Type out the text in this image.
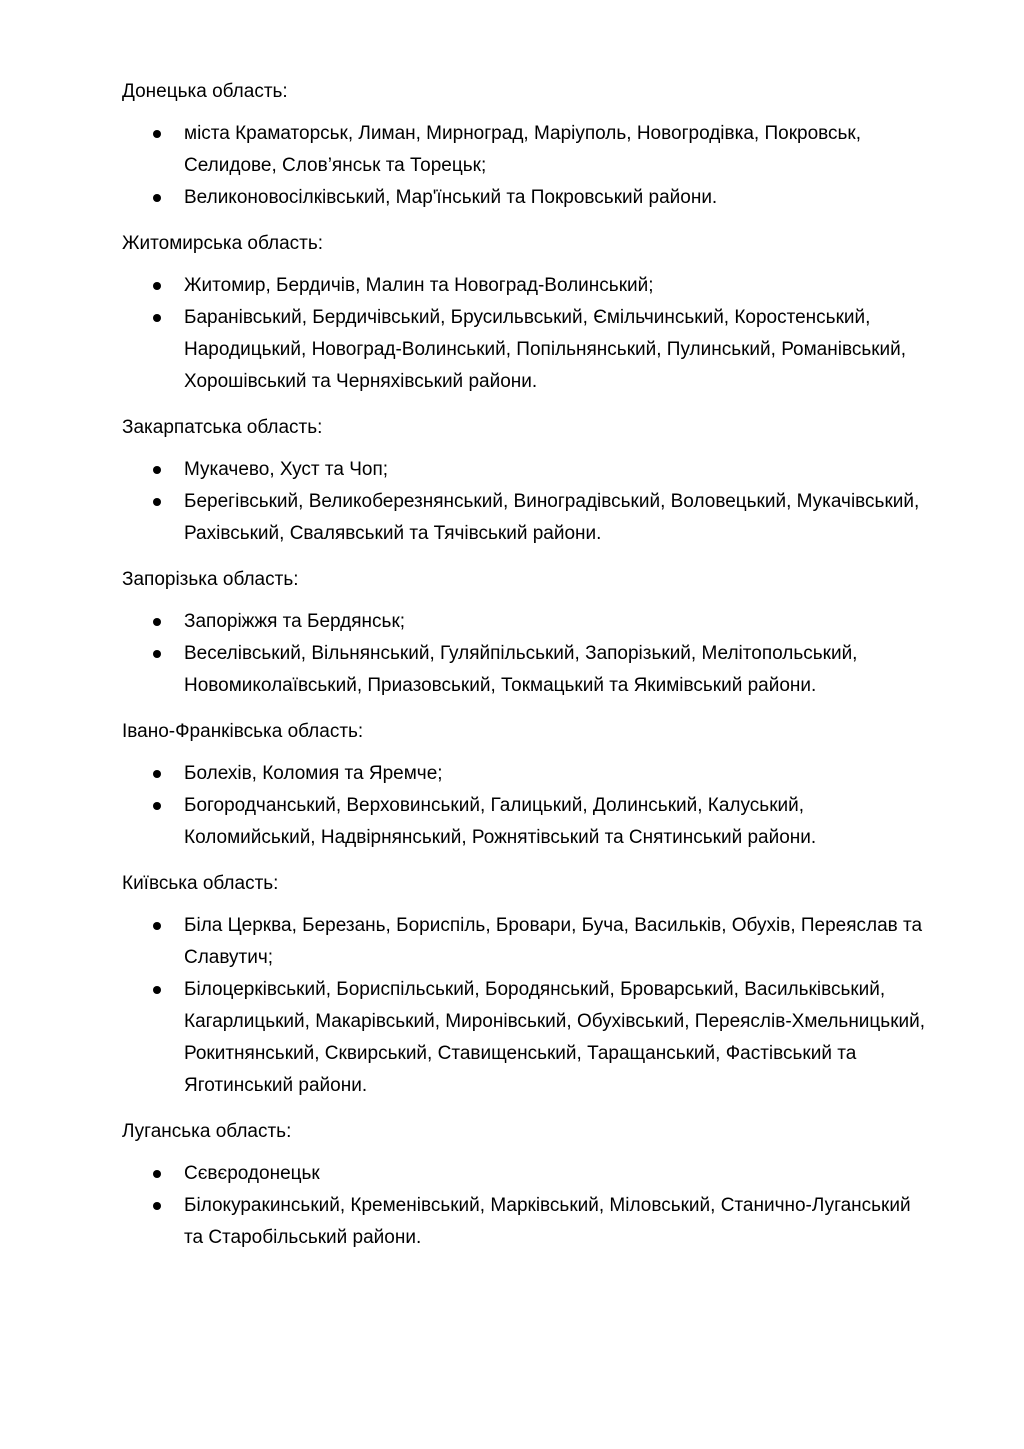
Донецька область:

міста Краматорськ, Лиман, Мирноград, Маріуполь, Новогродівка, Покровськ, Селидове, Слов’янськ та Торецьк;
Великоновосілківський, Мар'їнський та Покровський райони.

Житомирська область:

Житомир, Бердичів, Малин та Новоград-Волинський;
Баранівський, Бердичівський, Брусильвський, Ємільчинський, Коростенський, Народицький, Новоград-Волинський, Попільнянський, Пулинський, Романівський, Хорошівський та Черняхівський райони.

Закарпатська область:

Мукачево, Хуст та Чоп;
Берегівський, Великоберезнянський, Виноградівський, Воловецький, Мукачівський, Рахівський, Свалявський та Тячівський райони.

Запорізька область:

Запоріжжя та Бердянськ;
Веселівський, Вільнянський, Гуляйпільський, Запорізький, Мелітопольський, Новомиколаївський, Приазовський, Токмацький та Якимівський райони.

Івано-Франківська область:

Болехів, Коломия та Яремче;
Богородчанський, Верховинський, Галицький, Долинський, Калуський, Коломийський, Надвірнянський, Рожнятівський та Снятинський райони.

Київська область:

Біла Церква, Березань, Бориспіль, Бровари, Буча, Васильків, Обухів, Переяслав та Славутич;
Білоцерківський, Бориспільський, Бородянський, Броварський, Васильківський, Кагарлицький, Макарівський, Миронівський, Обухівський, Переяслів-Хмельницький, Рокитнянський, Сквирський, Ставищенський, Таращанський, Фастівський та Яготинський райони.

Луганська область:

Сєвєродонецьк
Білокуракинський, Кременівський, Марківський, Міловський, Станично-Луганський та Старобільський райони.
